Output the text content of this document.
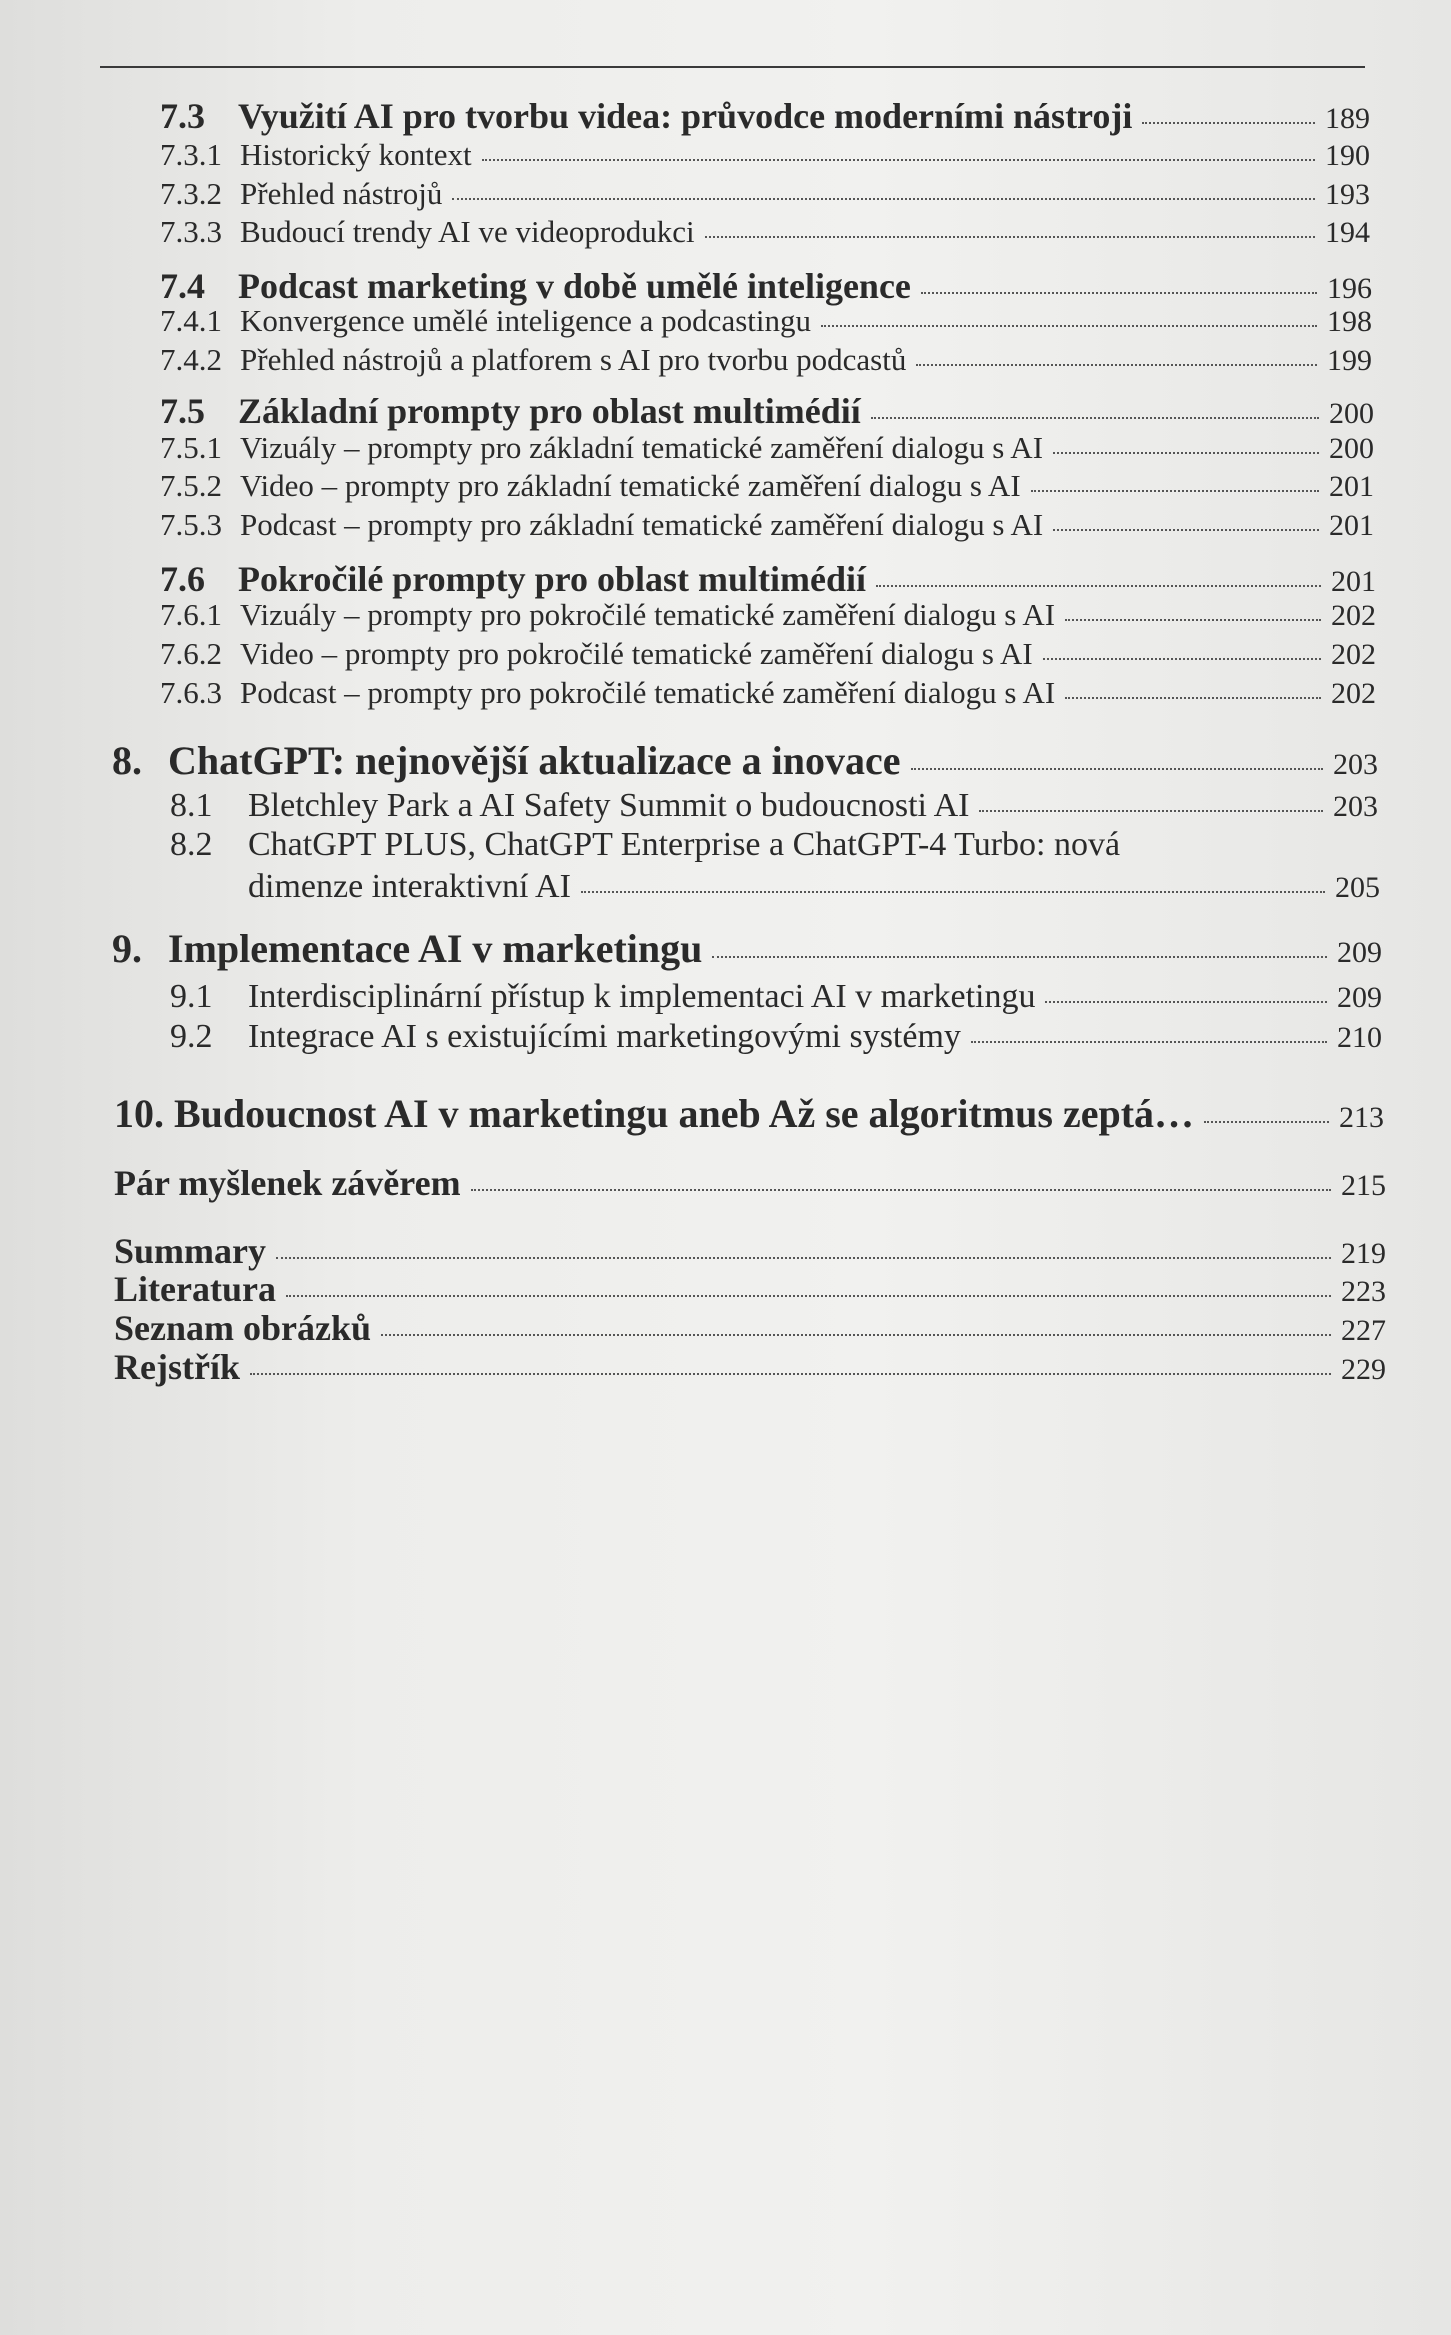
7.3 Využití AI pro tvorbu videa: průvodce moderními nástroji	189
7.3.1 Historický kontext	190
7.3.2 Přehled nástrojů	193
7.3.3 Budoucí trendy AI ve videoprodukci	194
7.4 Podcast marketing v době umělé inteligence	196
7.4.1 Konvergence umělé inteligence a podcastingu	198
7.4.2 Přehled nástrojů a platforem s AI pro tvorbu podcastů	199
7.5 Základní prompty pro oblast multimédií	200
7.5.1 Vizuály – prompty pro základní tematické zaměření dialogu s AI	200
7.5.2 Video – prompty pro základní tematické zaměření dialogu s AI	201
7.5.3 Podcast – prompty pro základní tematické zaměření dialogu s AI	201
7.6 Pokročilé prompty pro oblast multimédií	201
7.6.1 Vizuály – prompty pro pokročilé tematické zaměření dialogu s AI	202
7.6.2 Video – prompty pro pokročilé tematické zaměření dialogu s AI	202
7.6.3 Podcast – prompty pro pokročilé tematické zaměření dialogu s AI	202
8. ChatGPT: nejnovější aktualizace a inovace	203
8.1	Bletchley Park a AI Safety Summit o budoucnosti AI	203
8.2	ChatGPT PLUS, ChatGPT Enterprise a ChatGPT-4 Turbo: nová
dimenze interaktivní AI	205
9. Implementace AI v marketingu	209
9.1	Interdisciplinární přístup k implementaci AI v marketingu	209
9.2	Integrace AI s existujícími marketingovými systémy	210
10. Budoucnost AI v marketingu aneb Až se algoritmus zeptá…	213
Pár myšlenek závěrem	215
Summary	219
Literatura	223
Seznam obrázků	227
Rejstřík	229
